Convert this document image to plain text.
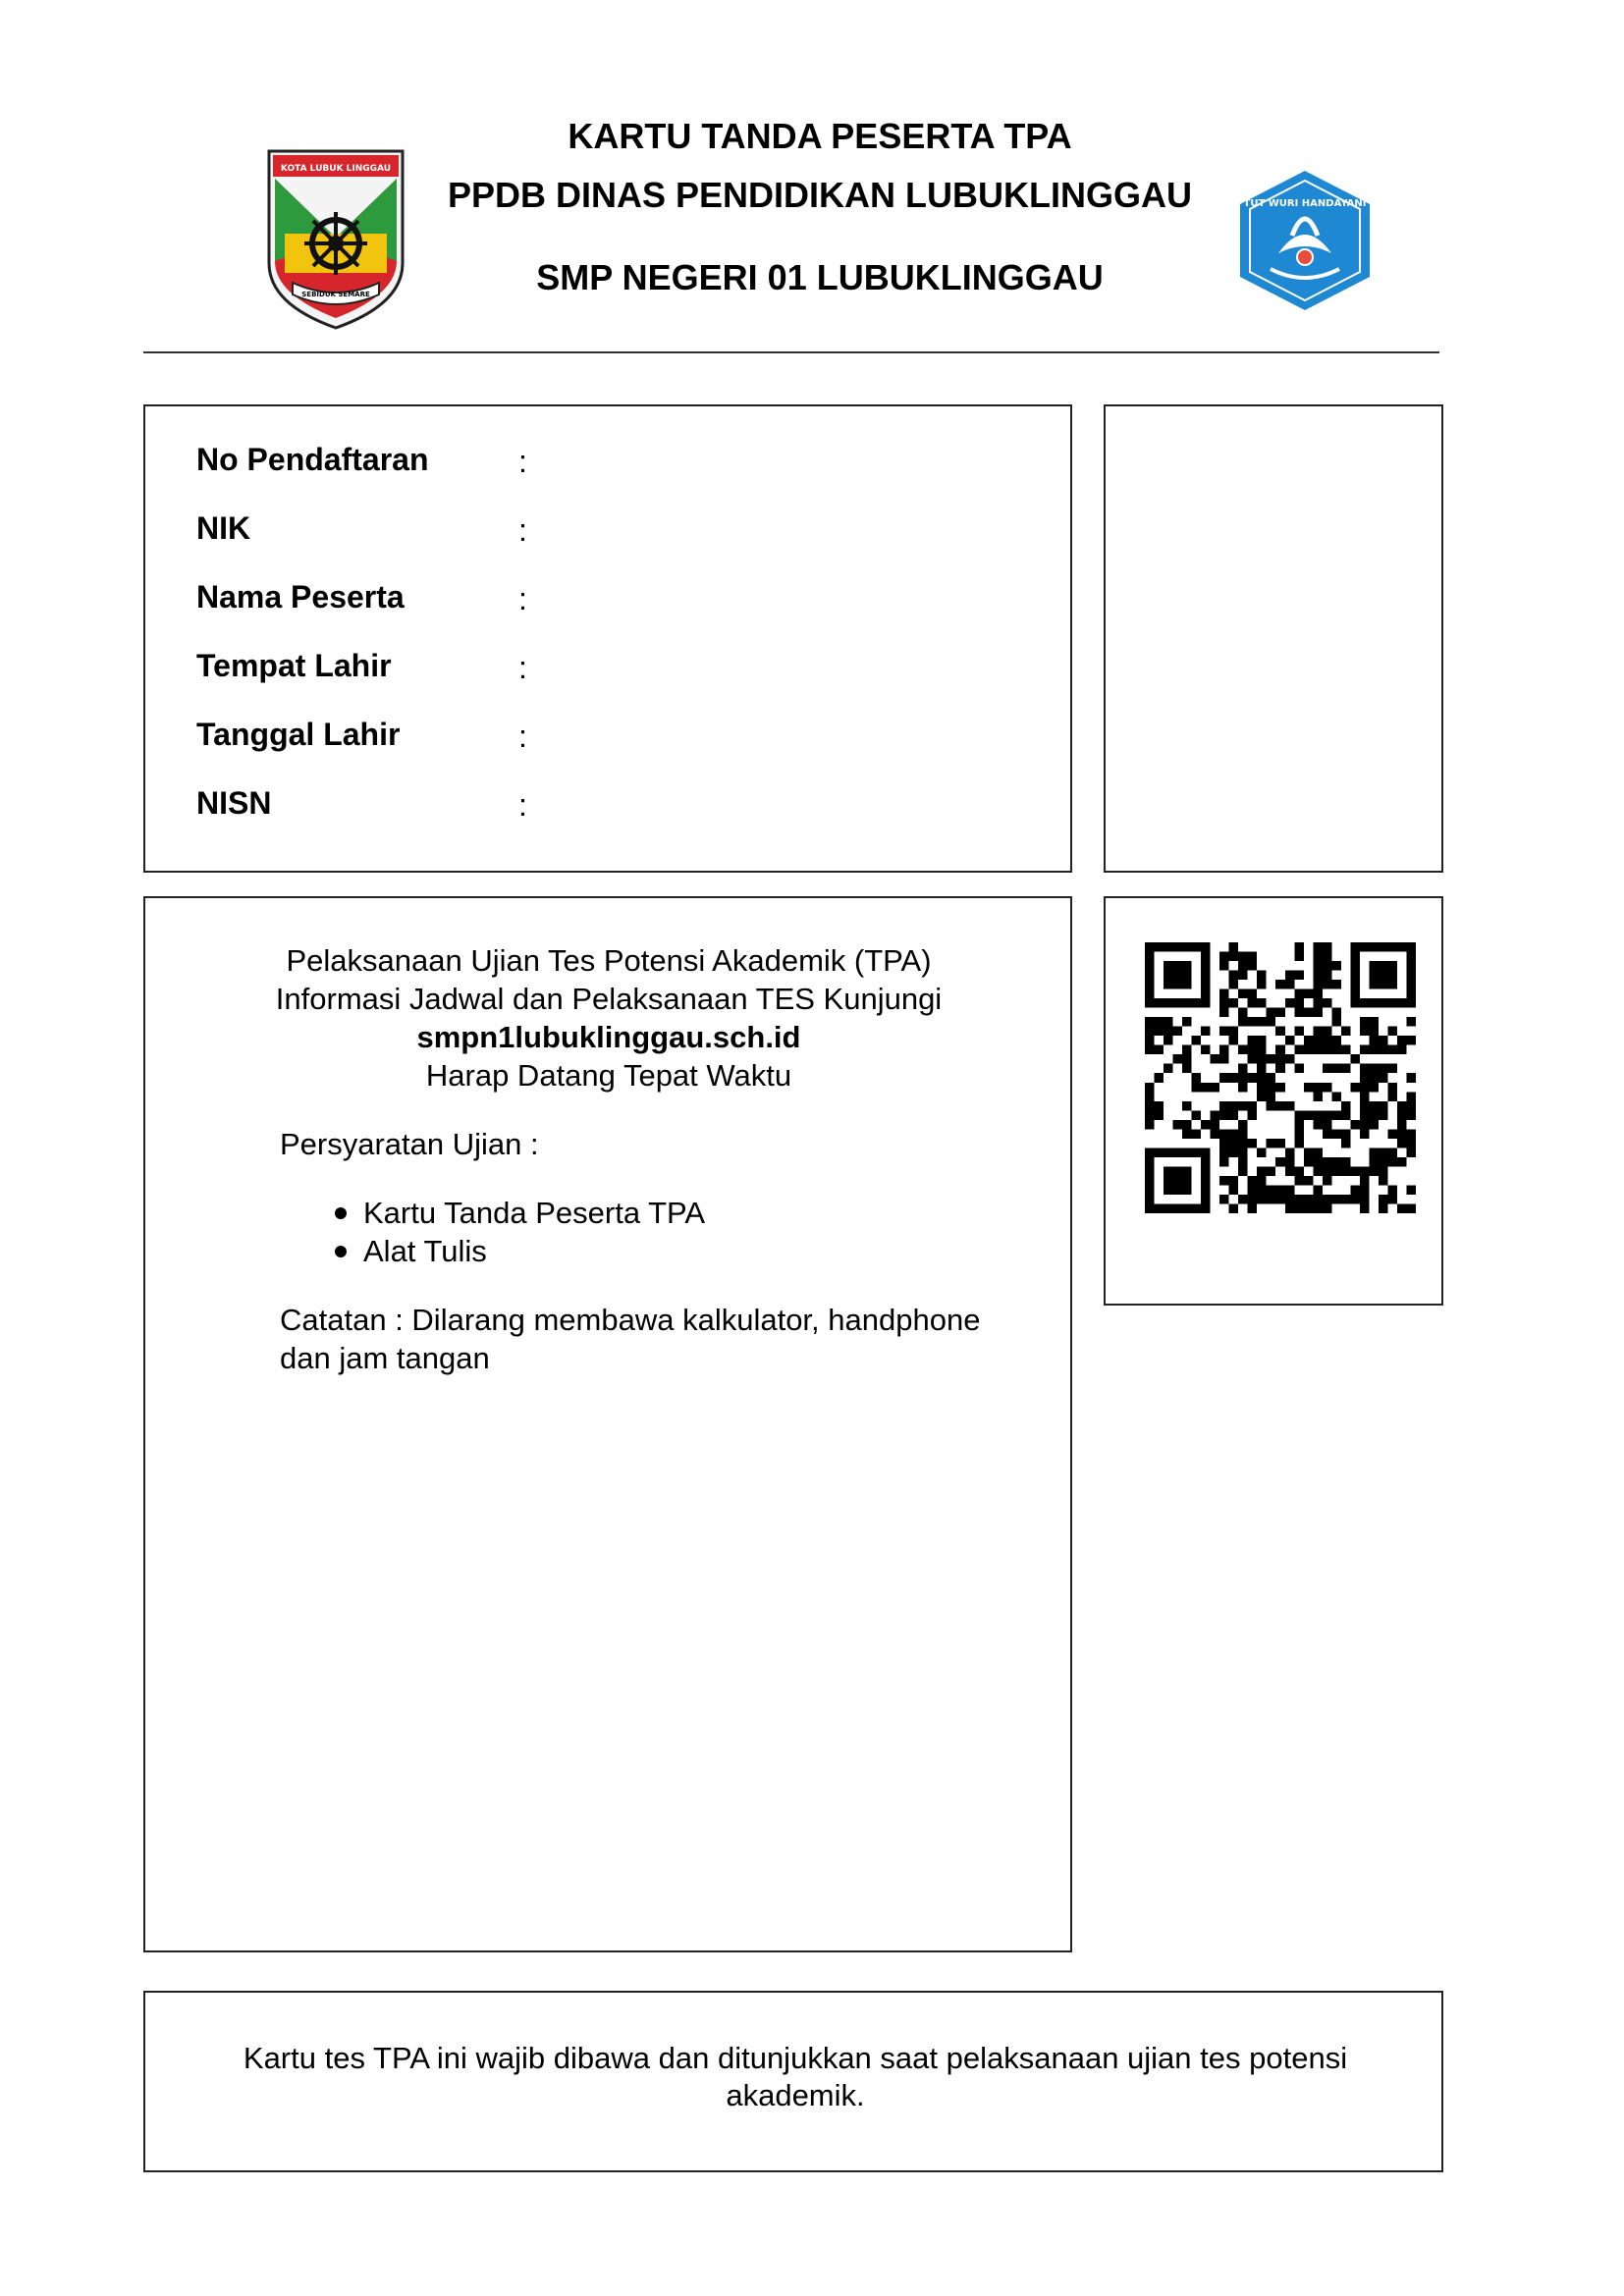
KOTA LUBUK LINGGAU
SEBIDUK SEMARE
KARTU TANDA PESERTA TPA
PPDB DINAS PENDIDIKAN LUBUKLINGGAU
SMP NEGERI 01 LUBUKLINGGAU
TUT WURI HANDAYANI
No Pendaftaran	:
NIK	:
Nama Peserta	:
Tempat Lahir	:
Tanggal Lahir	:
NISN	:
Pelaksanaan Ujian Tes Potensi Akademik (TPA)
Informasi Jadwal dan Pelaksanaan TES Kunjungi
smpn1lubuklinggau.sch.id
Harap Datang Tepat Waktu
Persyaratan Ujian :
Kartu Tanda Peserta TPA
Alat Tulis
Catatan : Dilarang membawa kalkulator, handphone
dan jam tangan
Kartu tes TPA ini wajib dibawa dan ditunjukkan saat pelaksanaan ujian tes potensi akademik.
